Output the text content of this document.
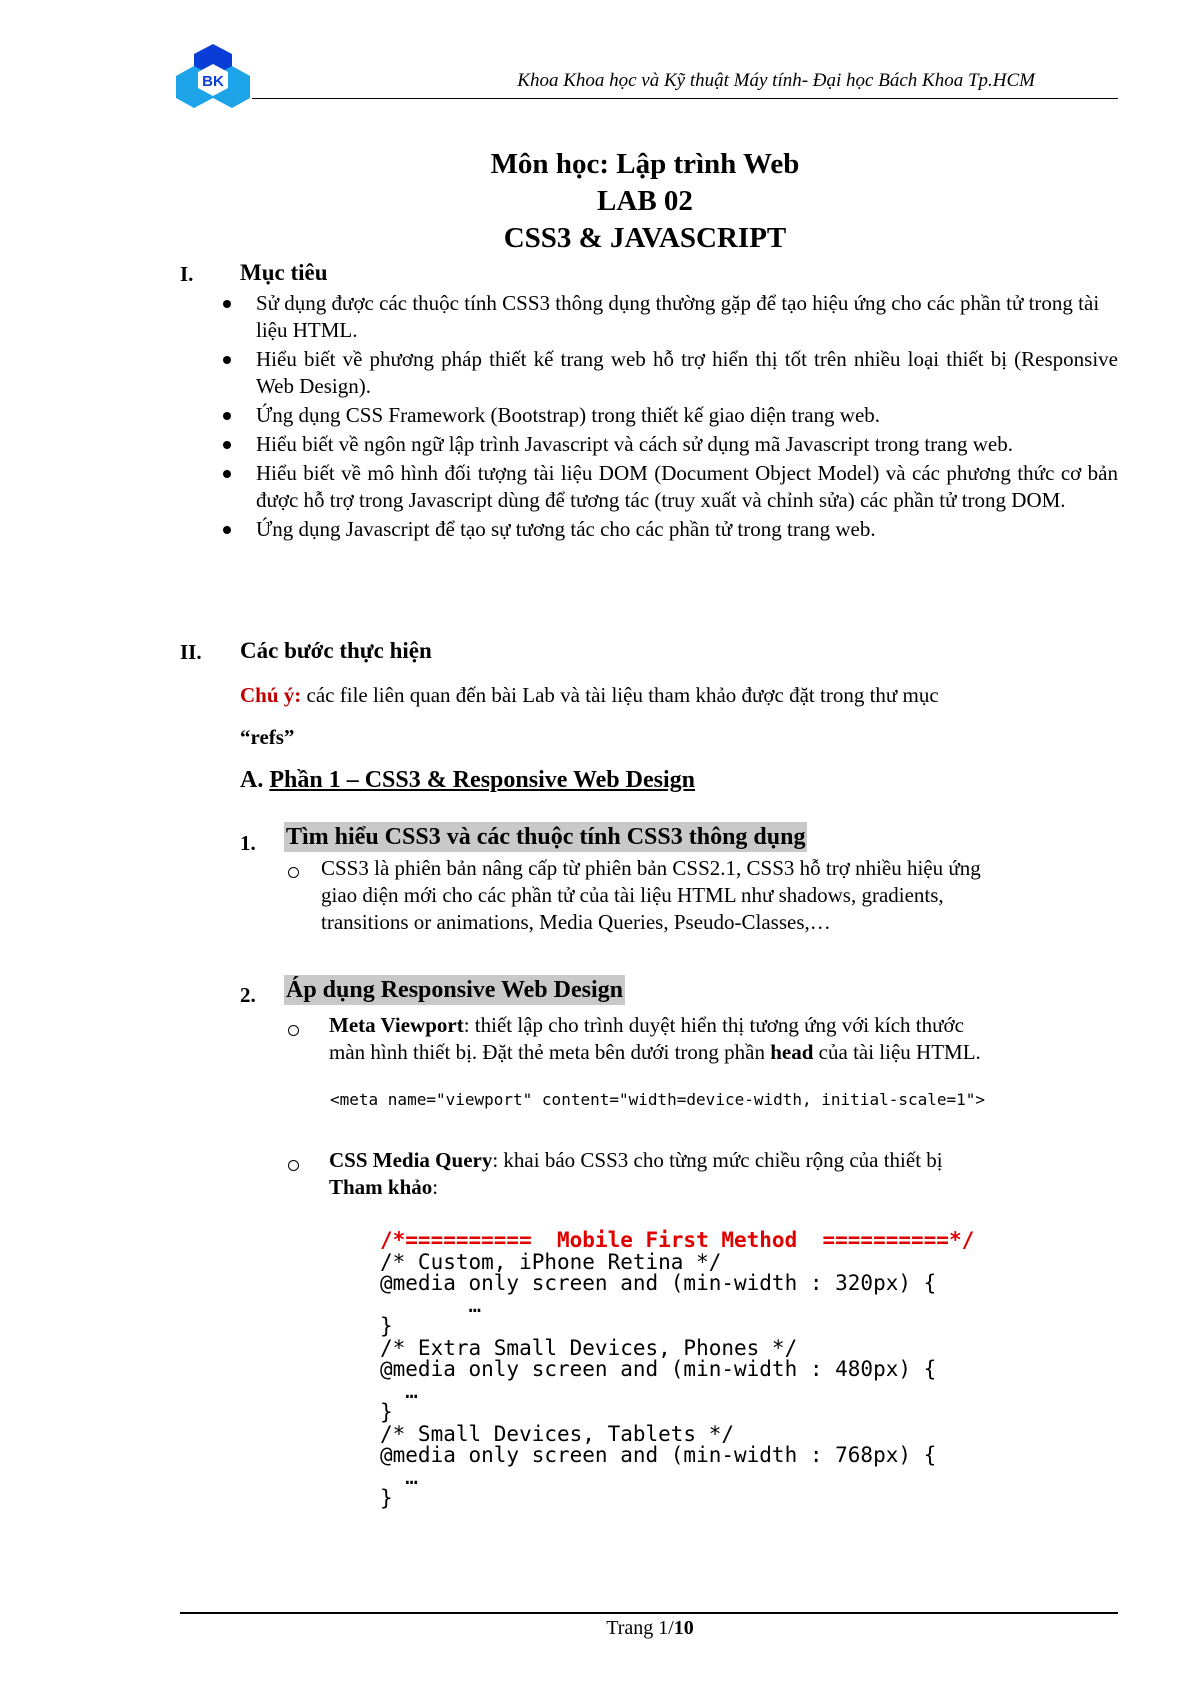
BK	Khoa Khoa học và Kỹ thuật Máy tính- Đại học Bách Khoa Tp.HCM
Môn học: Lập trình Web
LAB 02
CSS3 & JAVASCRIPT
I. Mục tiêu
Sử dụng được các thuộc tính CSS3 thông dụng thường gặp để tạo hiệu ứng cho các phần tử trong tài liệu HTML.
Hiểu biết về phương pháp thiết kế trang web hỗ trợ hiển thị tốt trên nhiều loại thiết bị (Responsive Web Design).
Ứng dụng CSS Framework (Bootstrap) trong thiết kế giao diện trang web.
Hiểu biết về ngôn ngữ lập trình Javascript và cách sử dụng mã Javascript trong trang web.
Hiểu biết về mô hình đối tượng tài liệu DOM (Document Object Model) và các phương thức cơ bản được hỗ trợ trong Javascript dùng để tương tác (truy xuất và chỉnh sửa) các phần tử trong DOM.
Ứng dụng Javascript để tạo sự tương tác cho các phần tử trong trang web.
II. Các bước thực hiện
Chú ý: các file liên quan đến bài Lab và tài liệu tham khảo được đặt trong thư mục
“refs”
A. Phần 1 – CSS3 & Responsive Web Design
1. Tìm hiểu CSS3 và các thuộc tính CSS3 thông dụng
CSS3 là phiên bản nâng cấp từ phiên bản CSS2.1, CSS3 hỗ trợ nhiều hiệu ứng
giao diện mới cho các phần tử của tài liệu HTML như shadows, gradients,
transitions or animations, Media Queries, Pseudo-Classes,…
2. Áp dụng Responsive Web Design
Meta Viewport: thiết lập cho trình duyệt hiển thị tương ứng với kích thước
màn hình thiết bị. Đặt thẻ meta bên dưới trong phần head của tài liệu HTML.
<meta name="viewport" content="width=device-width, initial-scale=1">
CSS Media Query: khai báo CSS3 cho từng mức chiều rộng của thiết bị
Tham khảo:
/*==========  Mobile First Method  ==========*/
/* Custom, iPhone Retina */
@media only screen and (min-width : 320px) {
…
}
/* Extra Small Devices, Phones */
@media only screen and (min-width : 480px) {
…
}
/* Small Devices, Tablets */
@media only screen and (min-width : 768px) {
…
}
Trang 1/10
